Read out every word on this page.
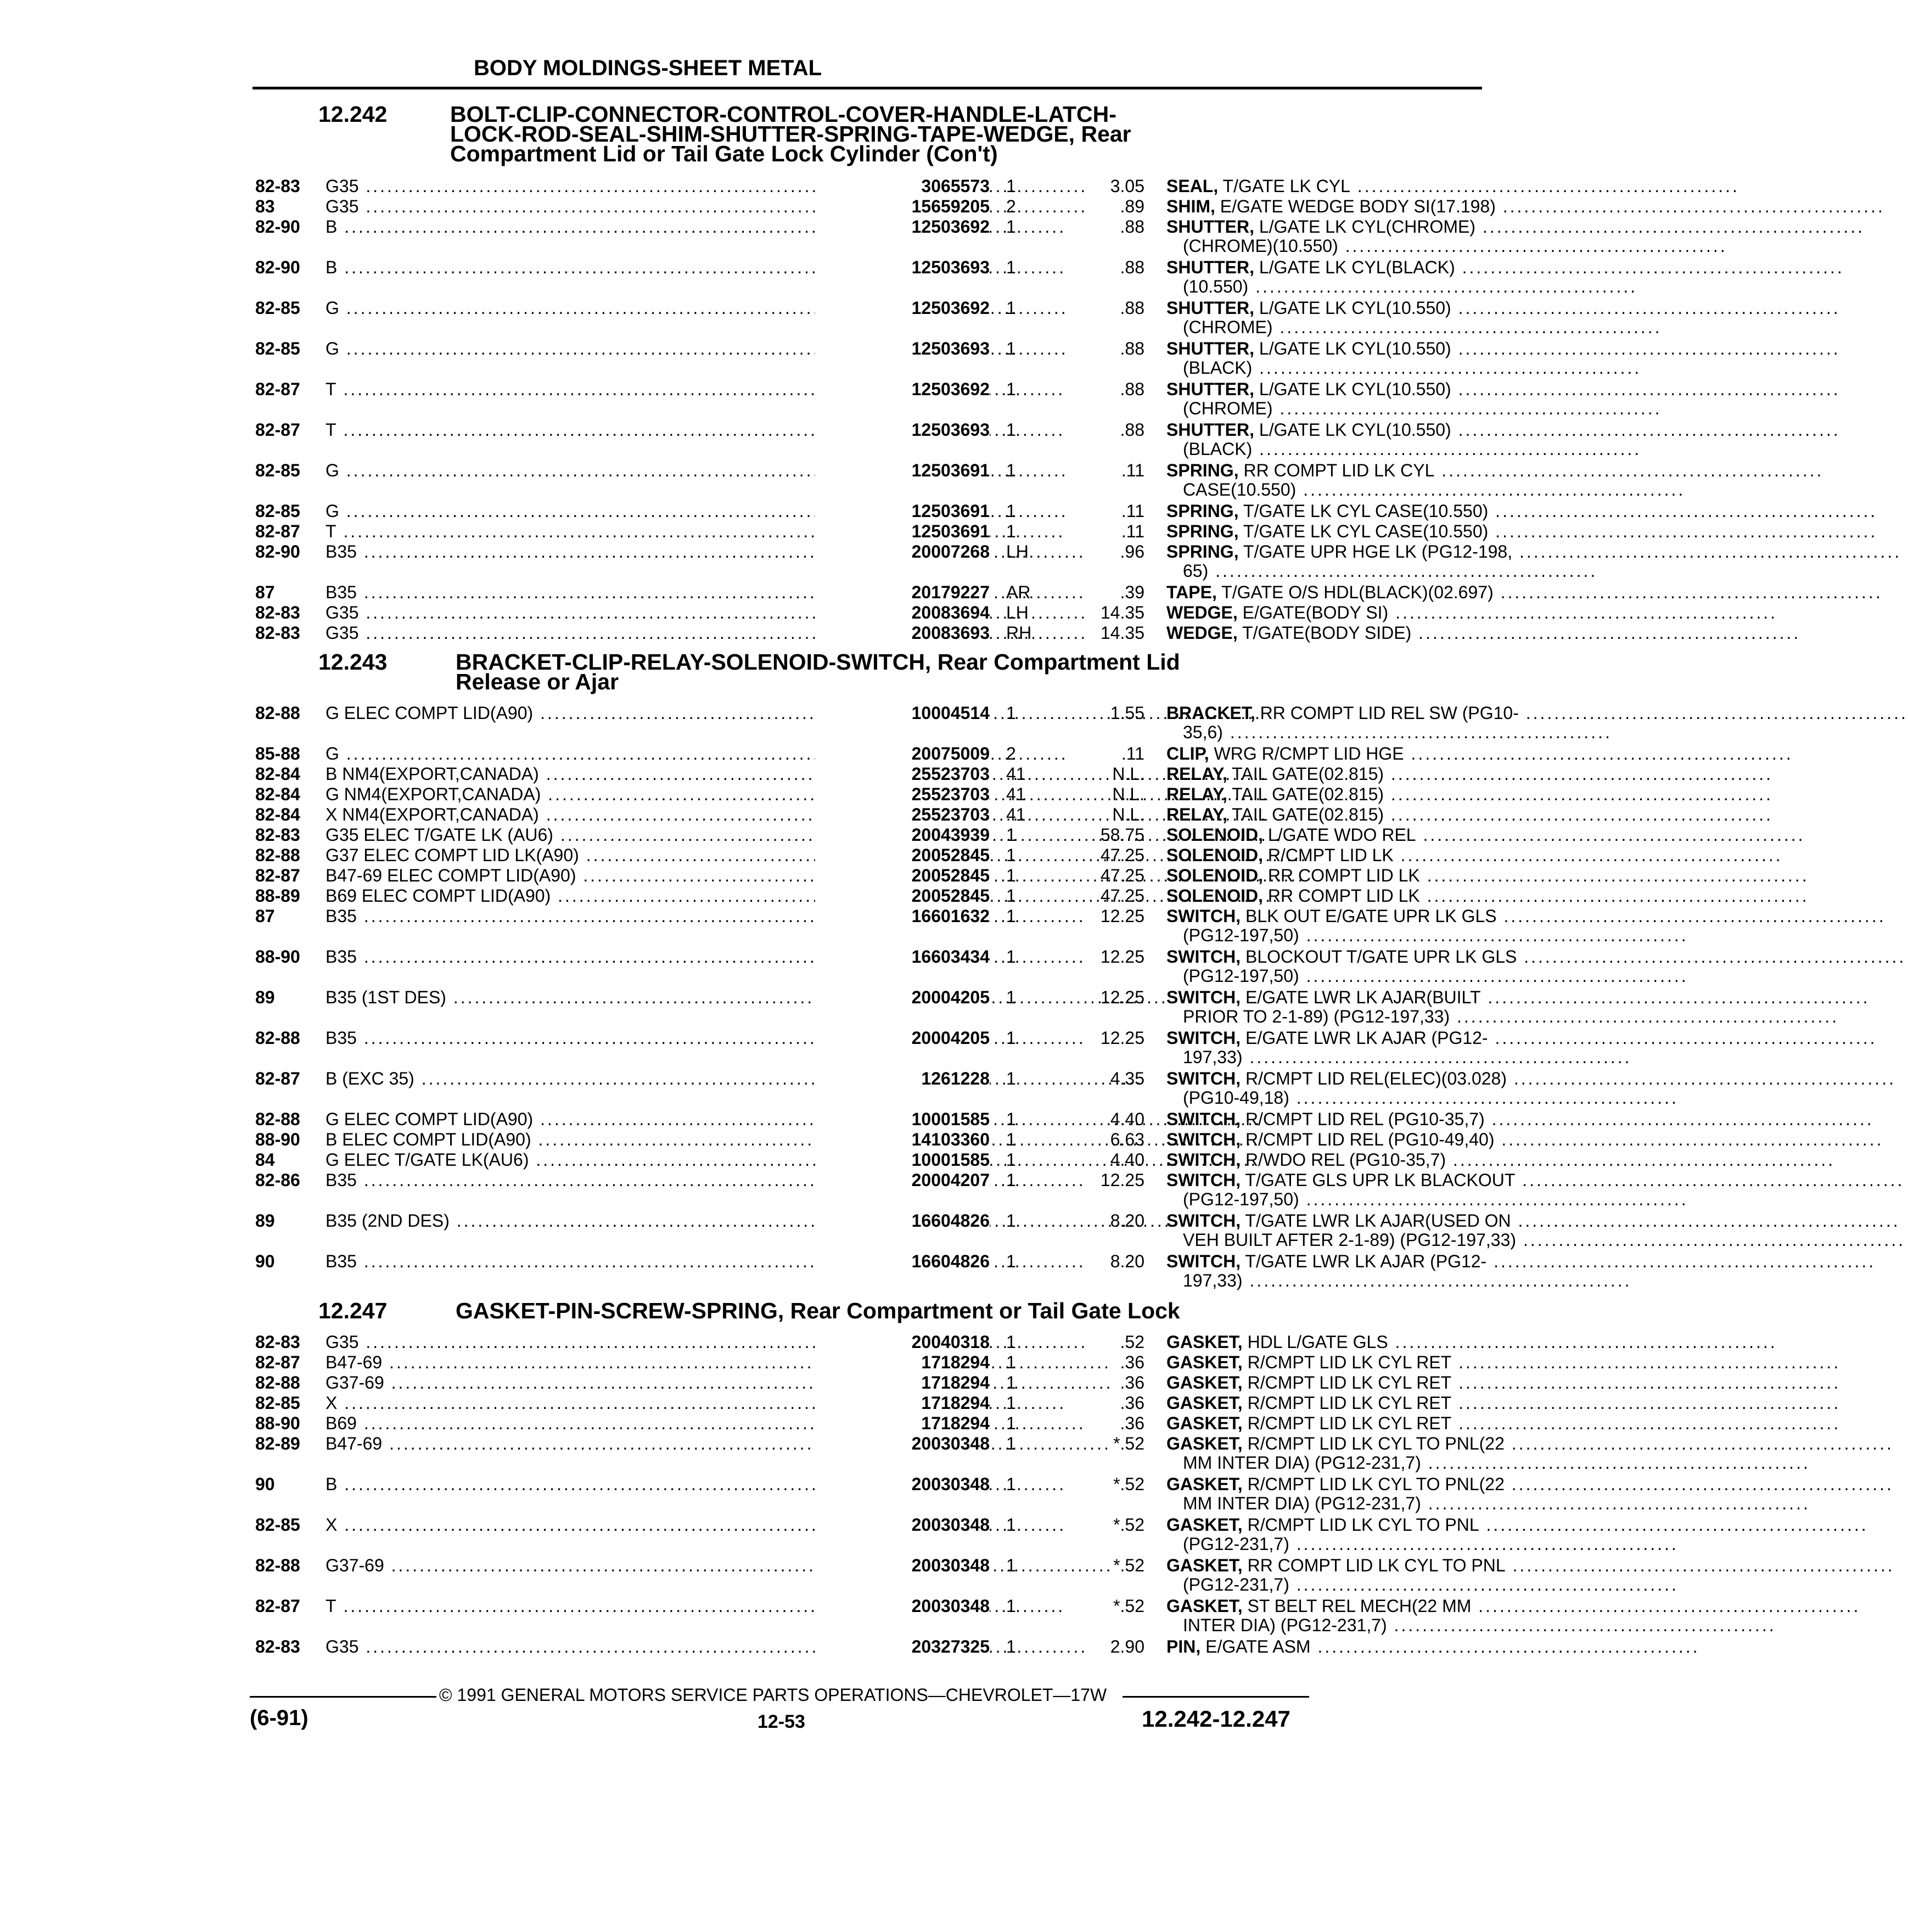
BODY MOLDINGS-SHEET METAL
12.242	BOLT-CLIP-CONNECTOR-CONTROL-COVER-HANDLE-LATCH-
LOCK-ROD-SEAL-SHIM-SHUTTER-SPRING-TAPE-WEDGE, Rear
Compartment Lid or Tail Gate Lock Cylinder (Con't)
82-83 G35 .....	3065573 1	3.05 SEAL, T/GATE LK CYL .....
83	G35 .....	15659205 2	.89 SHIM, E/GATE WEDGE BODY SI(17.198) .....
82-90 B .....	12503692 1	.88 SHUTTER, L/GATE LK CYL(CHROME) .....
(CHROME)(10.550) .....
82-90 B .....	12503693 1	.88 SHUTTER, L/GATE LK CYL(BLACK) .....
(10.550) .....
82-85 G .....	12503692 1	.88 SHUTTER, L/GATE LK CYL(10.550) .....
(CHROME) .....
82-85 G .....	12503693 1	.88 SHUTTER, L/GATE LK CYL(10.550) .....
(BLACK) .....
82-87 T .....	12503692 1	.88 SHUTTER, L/GATE LK CYL(10.550) .....
(CHROME) .....
82-87 T .....	12503693 1	.88 SHUTTER, L/GATE LK CYL(10.550) .....
(BLACK) .....
82-85 G .....	12503691 1	.11 SPRING, RR COMPT LID LK CYL .....
CASE(10.550) .....
82-85 G .....	12503691 1	.11 SPRING, T/GATE LK CYL CASE(10.550) .....
82-87 T .....	12503691 1	.11 SPRING, T/GATE LK CYL CASE(10.550) .....
82-90 B35 .....	20007268 LH	.96 SPRING, T/GATE UPR HGE LK (PG12-198, .....
65) .....
87	B35 .....	20179227 AR	.39 TAPE, T/GATE O/S HDL(BLACK)(02.697) .....
82-83 G35 .....	20083694 LH	14.35 WEDGE, E/GATE(BODY SI) .....
82-83 G35 .....	20083693 RH	14.35 WEDGE, T/GATE(BODY SIDE) .....
12.243	BRACKET-CLIP-RELAY-SOLENOID-SWITCH, Rear Compartment Lid
Release or Ajar
82-88 G ELEC COMPT LID(A90) .....	10004514 1	1.55 BRACKET, RR COMPT LID REL SW (PG10- .....
35,6) .....
85-88 G .....	20075009 2	.11 CLIP, WRG R/CMPT LID HGE .....
82-84 B NM4(EXPORT,CANADA) .....	25523703 41	N.L. RELAY, TAIL GATE(02.815) .....
82-84 G NM4(EXPORT,CANADA) .....	25523703 41	N.L. RELAY, TAIL GATE(02.815) .....
82-84 X NM4(EXPORT,CANADA) .....	25523703 41	N.L. RELAY, TAIL GATE(02.815) .....
82-83 G35 ELEC T/GATE LK (AU6) .....	20043939 1	58.75 SOLENOID, L/GATE WDO REL .....
82-88 G37 ELEC COMPT LID LK(A90) .....	20052845 1	47.25 SOLENOID, R/CMPT LID LK .....
82-87 B47-69 ELEC COMPT LID(A90) .....	20052845 1	47.25 SOLENOID, RR COMPT LID LK .....
88-89 B69 ELEC COMPT LID(A90) .....	20052845 1	47.25 SOLENOID, RR COMPT LID LK .....
87	B35 .....	16601632 1	12.25 SWITCH, BLK OUT E/GATE UPR LK GLS .....
(PG12-197,50) .....
88-90 B35 .....	16603434 1	12.25 SWITCH, BLOCKOUT T/GATE UPR LK GLS .....
(PG12-197,50) .....
89	B35 (1ST DES) .....	20004205 1	12.25 SWITCH, E/GATE LWR LK AJAR(BUILT .....
PRIOR TO 2-1-89) (PG12-197,33) .....
82-88 B35 .....	20004205 1	12.25 SWITCH, E/GATE LWR LK AJAR (PG12- .....
197,33) .....
82-87 B (EXC 35) .....	1261228 1	4.35 SWITCH, R/CMPT LID REL(ELEC)(03.028) .....
(PG10-49,18) .....
82-88 G ELEC COMPT LID(A90) .....	10001585 1	4.40 SWITCH, R/CMPT LID REL (PG10-35,7) .....
88-90 B ELEC COMPT LID(A90) .....	14103360 1	6.63 SWITCH, R/CMPT LID REL (PG10-49,40) .....
84	G ELEC T/GATE LK(AU6) .....	10001585 1	4.40 SWITCH, R/WDO REL (PG10-35,7) .....
82-86 B35 .....	20004207 1	12.25 SWITCH, T/GATE GLS UPR LK BLACKOUT .....
(PG12-197,50) .....
89	B35 (2ND DES) .....	16604826 1	8.20 SWITCH, T/GATE LWR LK AJAR(USED ON .....
VEH BUILT AFTER 2-1-89) (PG12-197,33) .....
90	B35 .....	16604826 1	8.20 SWITCH, T/GATE LWR LK AJAR (PG12- .....
197,33) .....
12.247	GASKET-PIN-SCREW-SPRING, Rear Compartment or Tail Gate Lock
82-83 G35 .....	20040318 1	.52 GASKET, HDL L/GATE GLS .....
82-87 B47-69 .....	1718294 1	.36 GASKET, R/CMPT LID LK CYL RET .....
82-88 G37-69 .....	1718294 1	.36 GASKET, R/CMPT LID LK CYL RET .....
82-85 X .....	1718294 1	.36 GASKET, R/CMPT LID LK CYL RET .....
88-90 B69 .....	1718294 1	.36 GASKET, R/CMPT LID LK CYL RET .....
82-89 B47-69 .....	20030348 1	*.52 GASKET, R/CMPT LID LK CYL TO PNL(22 .....
MM INTER DIA) (PG12-231,7) .....
90	B .....	20030348 1	*.52 GASKET, R/CMPT LID LK CYL TO PNL(22 .....
MM INTER DIA) (PG12-231,7) .....
82-85 X .....	20030348 1	*.52 GASKET, R/CMPT LID LK CYL TO PNL .....
(PG12-231,7) .....
82-88 G37-69 .....	20030348 1	*.52 GASKET, RR COMPT LID LK CYL TO PNL .....
(PG12-231,7) .....
82-87 T .....	20030348 1	*.52 GASKET, ST BELT REL MECH(22 MM .....
INTER DIA) (PG12-231,7) .....
82-83 G35 .....	20327325 1	2.90 PIN, E/GATE ASM .....
© 1991 GENERAL MOTORS SERVICE PARTS OPERATIONS—CHEVROLET—17W
(6-91)	12-53	12.242-12.247
